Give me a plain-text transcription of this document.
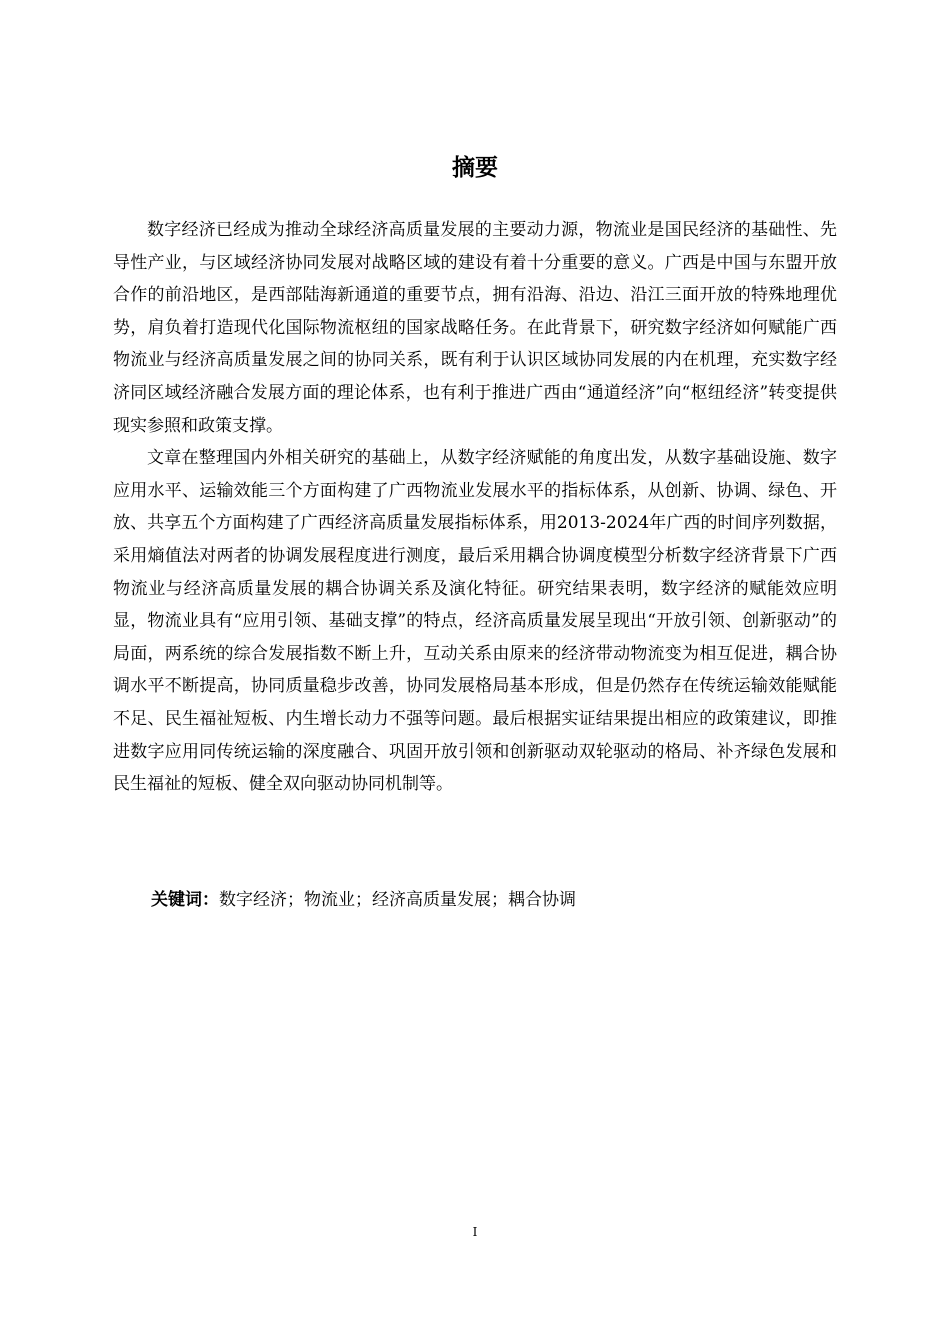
摘要

数字经济已经成为推动全球经济高质量发展的主要动力源，物流业是国民经济的基础性、先导性产业，与区域经济协同发展对战略区域的建设有着十分重要的意义。广西是中国与东盟开放合作的前沿地区，是西部陆海新通道的重要节点，拥有沿海、沿边、沿江三面开放的特殊地理优势，肩负着打造现代化国际物流枢纽的国家战略任务。在此背景下，研究数字经济如何赋能广西物流业与经济高质量发展之间的协同关系，既有利于认识区域协同发展的内在机理，充实数字经济同区域经济融合发展方面的理论体系，也有利于推进广西由“通道经济”向“枢纽经济”转变提供现实参照和政策支撑。

文章在整理国内外相关研究的基础上，从数字经济赋能的角度出发，从数字基础设施、数字应用水平、运输效能三个方面构建了广西物流业发展水平的指标体系，从创新、协调、绿色、开放、共享五个方面构建了广西经济高质量发展指标体系，用2013-2024年广西的时间序列数据，采用熵值法对两者的协调发展程度进行测度，最后采用耦合协调度模型分析数字经济背景下广西物流业与经济高质量发展的耦合协调关系及演化特征。研究结果表明，数字经济的赋能效应明显，物流业具有“应用引领、基础支撑”的特点，经济高质量发展呈现出“开放引领、创新驱动”的局面，两系统的综合发展指数不断上升，互动关系由原来的经济带动物流变为相互促进，耦合协调水平不断提高，协同质量稳步改善，协同发展格局基本形成，但是仍然存在传统运输效能赋能不足、民生福祉短板、内生增长动力不强等问题。最后根据实证结果提出相应的政策建议，即推进数字应用同传统运输的深度融合、巩固开放引领和创新驱动双轮驱动的格局、补齐绿色发展和民生福祉的短板、健全双向驱动协同机制等。

关键词：数字经济；物流业；经济高质量发展；耦合协调

I
